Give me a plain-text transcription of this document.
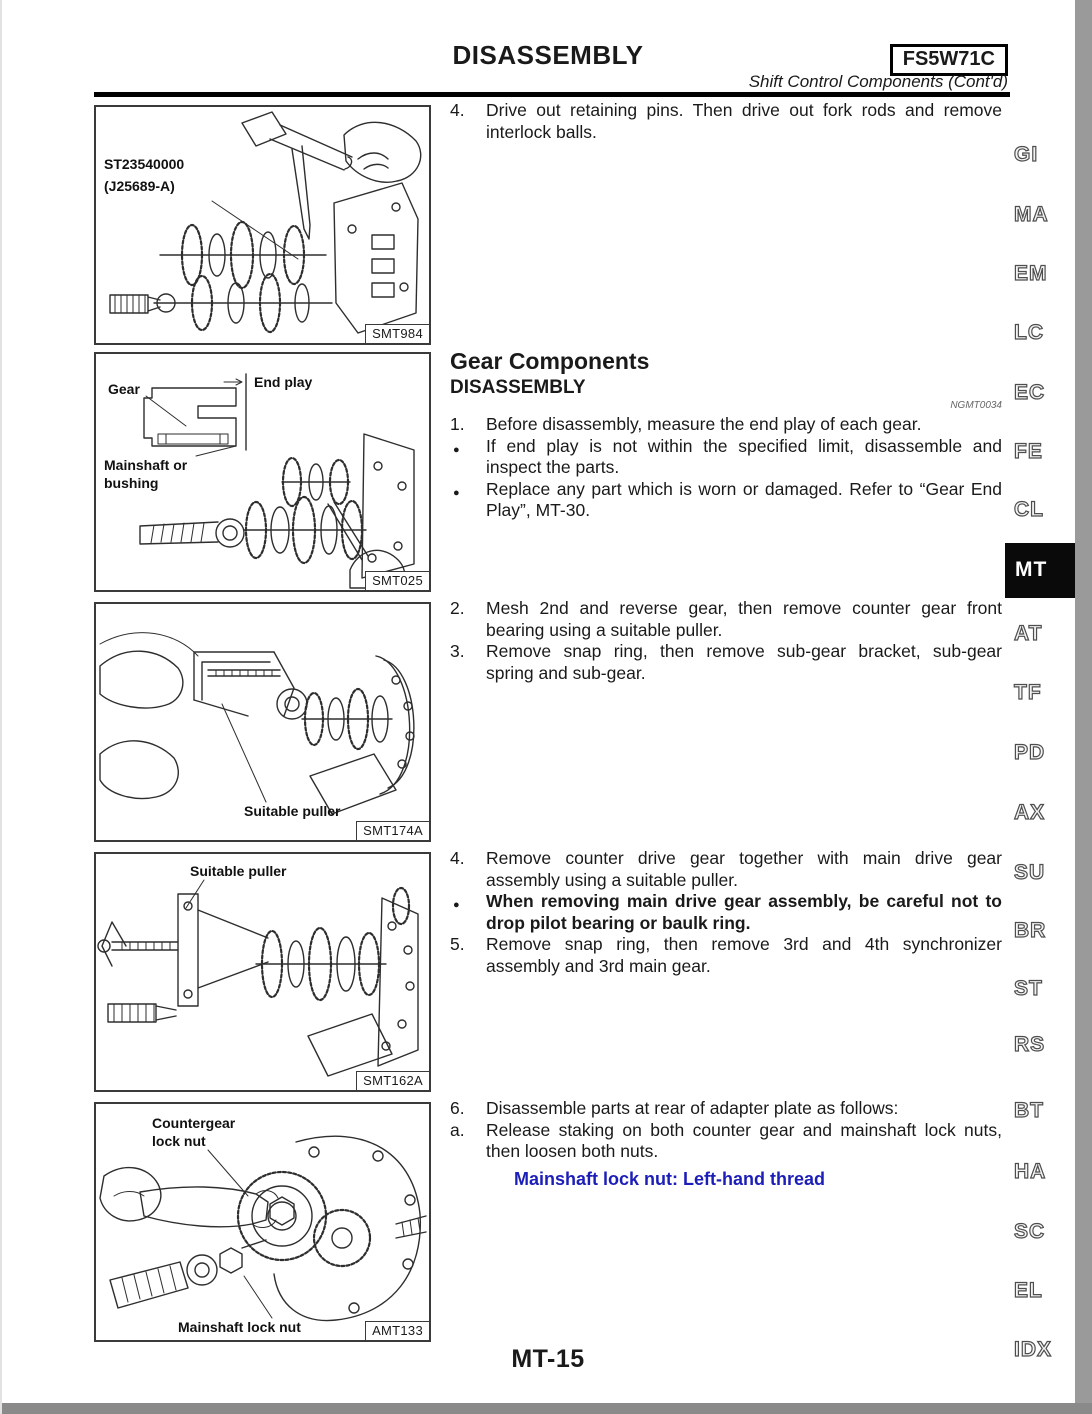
DISASSEMBLY	FS5W71C
Shift Control Components (Cont'd)
ST23540000
(J25689-A)
SMT984
End play
Gear
Mainshaft or
bushing
SMT025
Suitable puller
SMT174A
Suitable puller
SMT162A
Countergear
lock nut
Mainshaft lock nut	AMT133
4.	Drive out retaining pins. Then drive out fork rods and remove interlock balls.
Gear Components
DISASSEMBLY
NGMT0034
1.	Before disassembly, measure the end play of each gear.
●	If end play is not within the specified limit, disassemble and inspect the parts.
●	Replace any part which is worn or damaged. Refer to “Gear End Play”, MT-30.
2.	Mesh 2nd and reverse gear, then remove counter gear front bearing using a suitable puller.
3.	Remove snap ring, then remove sub-gear bracket, sub-gear spring and sub-gear.
4.	Remove counter drive gear together with main drive gear assembly using a suitable puller.
●	When removing main drive gear assembly, be careful not to drop pilot bearing or baulk ring.
5.	Remove snap ring, then remove 3rd and 4th synchronizer assembly and 3rd main gear.
6.	Disassemble parts at rear of adapter plate as follows:
a.	Release staking on both counter gear and mainshaft lock nuts, then loosen both nuts.
Mainshaft lock nut: Left-hand thread
GI
MA
EM
LC
EC
FE
CL
MT
AT
TF
PD
AX
SU
BR
ST
RS
BT
HA
SC
EL
IDX
MT-15
